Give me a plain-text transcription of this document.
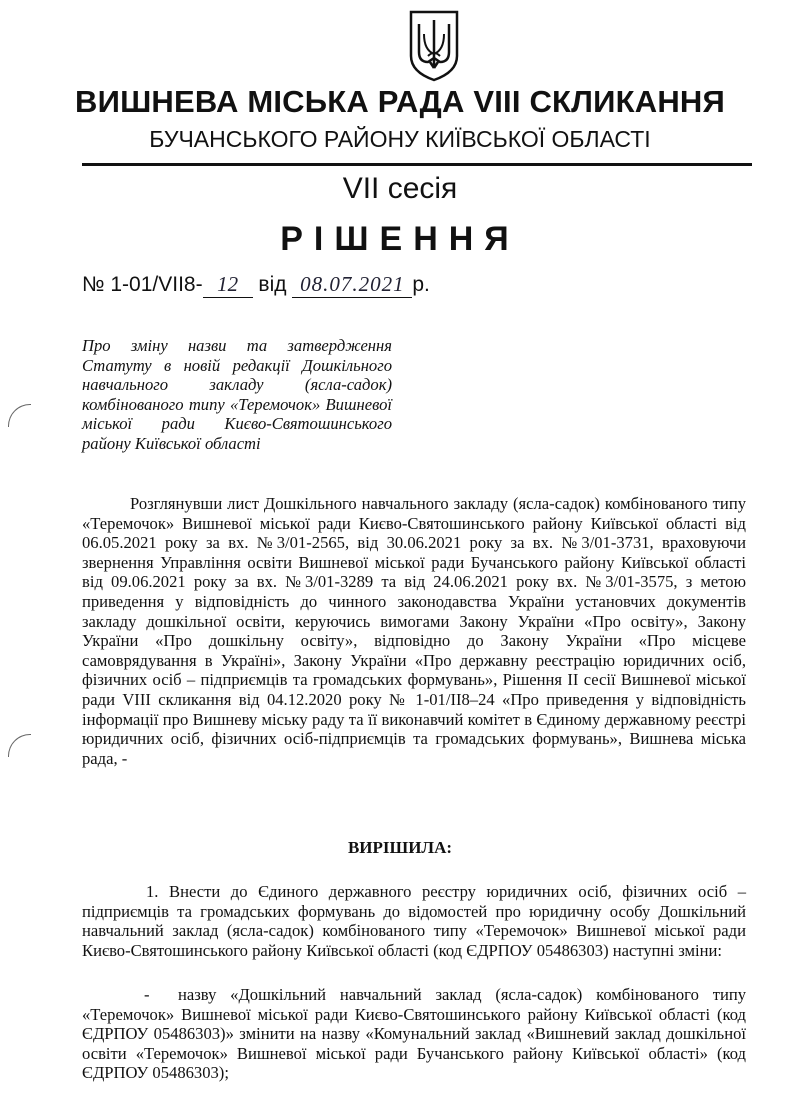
ВИШНЕВА МІСЬКА РАДА VIII СКЛИКАННЯ
БУЧАНСЬКОГО РАЙОНУ КИЇВСЬКОЇ ОБЛАСТІ
VII сесія
РІШЕННЯ
№ 1-01/VII8- 12 від 08.07.2021 р.
Про зміну назви та затвердження Статуту в новій редакції Дошкільного навчального закладу (ясла-садок) комбінованого типу «Теремочок» Вишневої міської ради Києво-Святошинського району Київської області

Розглянувши лист Дошкільного навчального закладу (ясла-садок) комбінованого типу «Теремочок» Вишневої міської ради Києво-Святошинського району Київської області від 06.05.2021 року за вх. №3/01-2565, від 30.06.2021 року за вх. №3/01-3731, враховуючи звернення Управління освіти Вишневої міської ради Бучанського району Київської області від 09.06.2021 року за вх. №3/01-3289 та від 24.06.2021 року вх. №3/01-3575, з метою приведення у відповідність до чинного законодавства України установчих документів закладу дошкільної освіти, керуючись вимогами Закону України «Про освіту», Закону України «Про дошкільну освіту», відповідно до Закону України «Про місцеве самоврядування в Україні», Закону України «Про державну реєстрацію юридичних осіб, фізичних осіб – підприємців та громадських формувань», Рішення ІІ сесії Вишневої міської ради VIII скликання від 04.12.2020 року № 1-01/ІІ8–24 «Про приведення у відповідність інформації про Вишневу міську раду та її виконавчий комітет в Єдиному державному реєстрі юридичних осіб, фізичних осіб-підприємців та громадських формувань», Вишнева міська рада, -

ВИРІШИЛА:

1. Внести до Єдиного державного реєстру юридичних осіб, фізичних осіб – підприємців та громадських формувань до відомостей про юридичну особу Дошкільний навчальний заклад (ясла-садок) комбінованого типу «Теремочок» Вишневої міської ради Києво-Святошинського району Київської області (код ЄДРПОУ 05486303) наступні зміни:

- назву «Дошкільний навчальний заклад (ясла-садок) комбінованого типу «Теремочок» Вишневої міської ради Києво-Святошинського району Київської області (код ЄДРПОУ 05486303)» змінити на назву «Комунальний заклад «Вишневий заклад дошкільної освіти «Теремочок» Вишневої міської ради Бучанського району Київської області» (код ЄДРПОУ 05486303);
